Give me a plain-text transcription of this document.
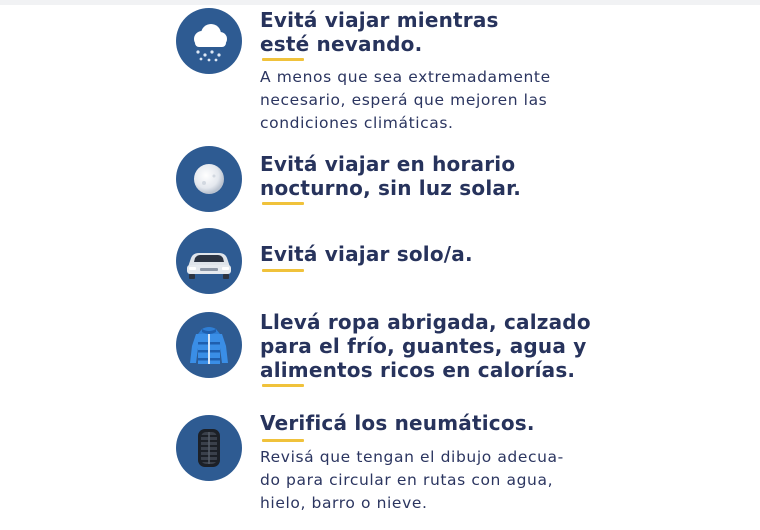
Evitá viajar mientras
esté nevando.

A menos que sea extremadamente
necesario, esperá que mejoren las
condiciones climáticas.

Evitá viajar en horario
nocturno, sin luz solar.
Evitá viajar solo/a.
Llevá ropa abrigada, calzado
para el frío, guantes, agua y
alimentos ricos en calorías.
Verificá los neumáticos.

Revisá que tengan el dibujo adecua-
do para circular en rutas con agua,
hielo, barro o nieve.
